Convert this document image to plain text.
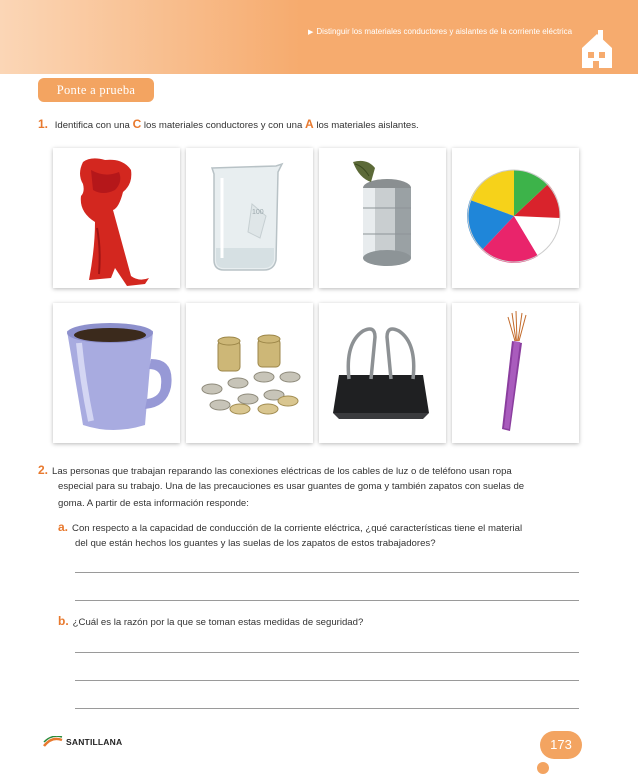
▶ Distinguir los materiales conductores y aislantes de la corriente eléctrica
Ponte a prueba
1. Identifica con una C los materiales conductores y con una A los materiales aislantes.
100
2. Las personas que trabajan reparando las conexiones eléctricas de los cables de luz o de teléfono usan ropa
especial para su trabajo. Una de las precauciones es usar guantes de goma y también zapatos con suelas de
goma. A partir de esta información responde:
a. Con respecto a la capacidad de conducción de la corriente eléctrica, ¿qué características tiene el material
del que están hechos los guantes y las suelas de los zapatos de estos trabajadores?
b. ¿Cuál es la razón por la que se toman estas medidas de seguridad?
SANTILLANA	173
